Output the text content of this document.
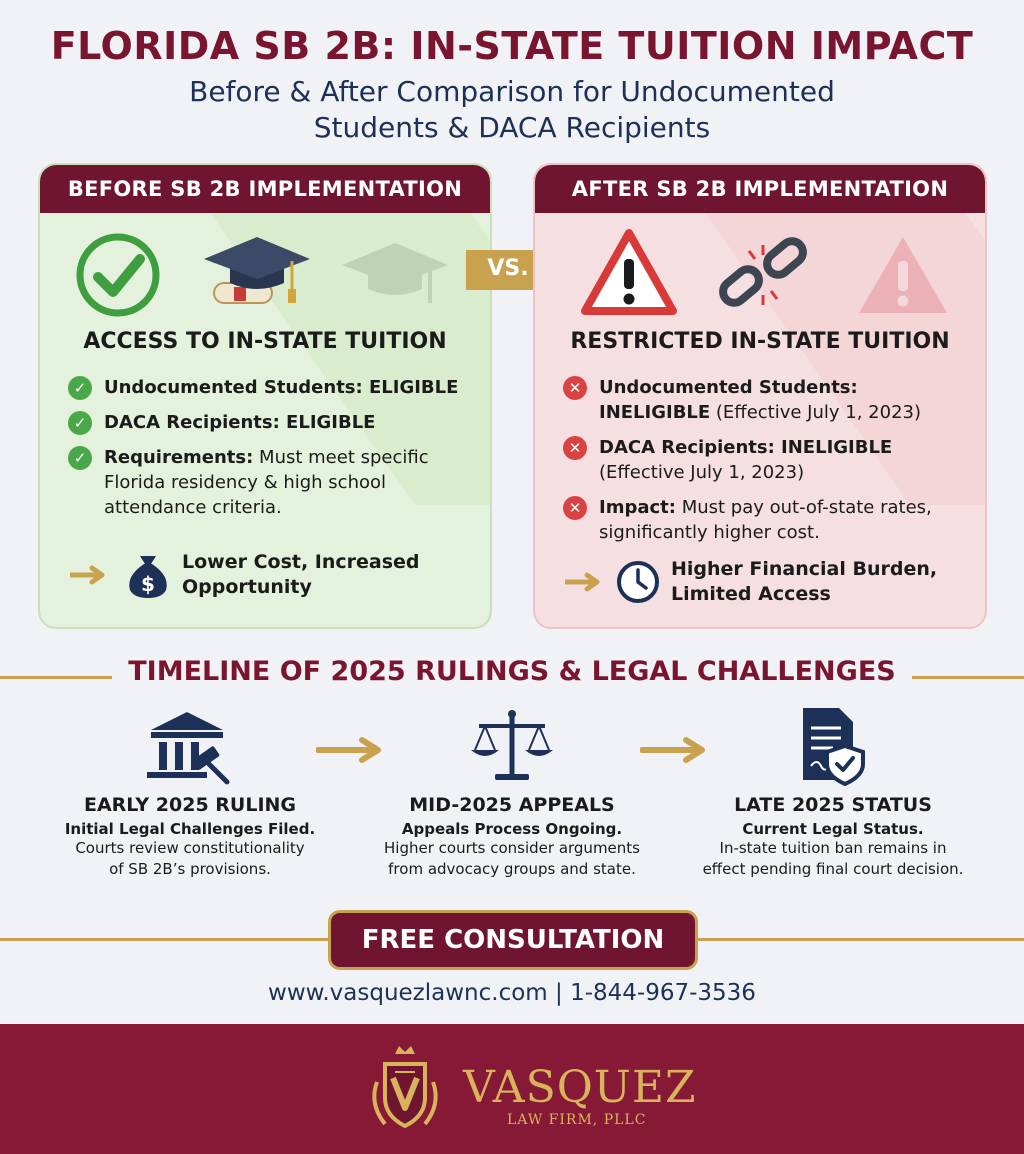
FLORIDA SB 2B: IN-STATE TUITION IMPACT
Before & After Comparison for Undocumented
Students & DACA Recipients
BEFORE SB 2B IMPLEMENTATION
ACCESS TO IN-STATE TUITION
✓ Undocumented Students: ELIGIBLE
✓ DACA Recipients: ELIGIBLE
✓ Requirements: Must meet specific Florida residency & high school attendance criteria.
$
Lower Cost, Increased
Opportunity
VS.
AFTER SB 2B IMPLEMENTATION
RESTRICTED IN-STATE TUITION
✕ Undocumented Students: INELIGIBLE (Effective July 1, 2023)
✕ DACA Recipients: INELIGIBLE (Effective July 1, 2023)
✕ Impact: Must pay out-of-state rates, significantly higher cost.
Higher Financial Burden,
Limited Access
TIMELINE OF 2025 RULINGS & LEGAL CHALLENGES
EARLY 2025 RULING
Initial Legal Challenges Filed.
Courts review constitutionality
of SB 2B’s provisions.
MID-2025 APPEALS
Appeals Process Ongoing.
Higher courts consider arguments
from advocacy groups and state.
LATE 2025 STATUS
Current Legal Status.
In-state tuition ban remains in
effect pending final court decision.
FREE CONSULTATION
www.vasquezlawnc.com | 1-844-967-3536
VASQUEZ
LAW FIRM, PLLC
